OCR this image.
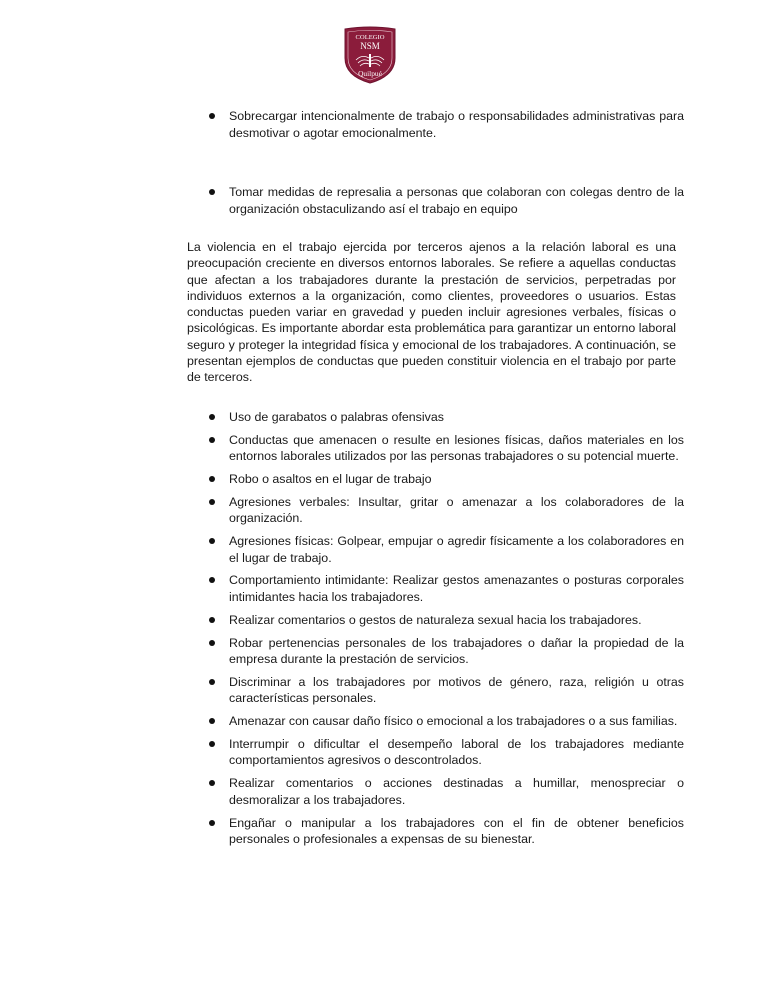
COLEGIO
NSM
Quilpué
Sobrecargar intencionalmente de trabajo o responsabilidades administrativas para desmotivar o agotar emocionalmente.
Tomar medidas de represalia a personas que colaboran con colegas dentro de la organización obstaculizando así el trabajo en equipo

La violencia en el trabajo ejercida por terceros ajenos a la relación laboral es una preocupación creciente en diversos entornos laborales. Se refiere a aquellas conductas que afectan a los trabajadores durante la prestación de servicios, perpetradas por individuos externos a la organización, como clientes, proveedores o usuarios. Estas conductas pueden variar en gravedad y pueden incluir agresiones verbales, físicas o psicológicas. Es importante abordar esta problemática para garantizar un entorno laboral seguro y proteger la integridad física y emocional de los trabajadores. A continuación, se presentan ejemplos de conductas que pueden constituir violencia en el trabajo por parte de terceros.

Uso de garabatos o palabras ofensivas
Conductas que amenacen o resulte en lesiones físicas, daños materiales en los entornos laborales utilizados por las personas trabajadores o su potencial muerte.
Robo o asaltos en el lugar de trabajo
Agresiones verbales: Insultar, gritar o amenazar a los colaboradores de la organización.
Agresiones físicas: Golpear, empujar o agredir físicamente a los colaboradores en el lugar de trabajo.
Comportamiento intimidante: Realizar gestos amenazantes o posturas corporales intimidantes hacia los trabajadores.
Realizar comentarios o gestos de naturaleza sexual hacia los trabajadores.
Robar pertenencias personales de los trabajadores o dañar la propiedad de la empresa durante la prestación de servicios.
Discriminar a los trabajadores por motivos de género, raza, religión u otras características personales.
Amenazar con causar daño físico o emocional a los trabajadores o a sus familias.
Interrumpir o dificultar el desempeño laboral de los trabajadores mediante comportamientos agresivos o descontrolados.
Realizar comentarios o acciones destinadas a humillar, menospreciar o desmoralizar a los trabajadores.
Engañar o manipular a los trabajadores con el fin de obtener beneficios personales o profesionales a expensas de su bienestar.
